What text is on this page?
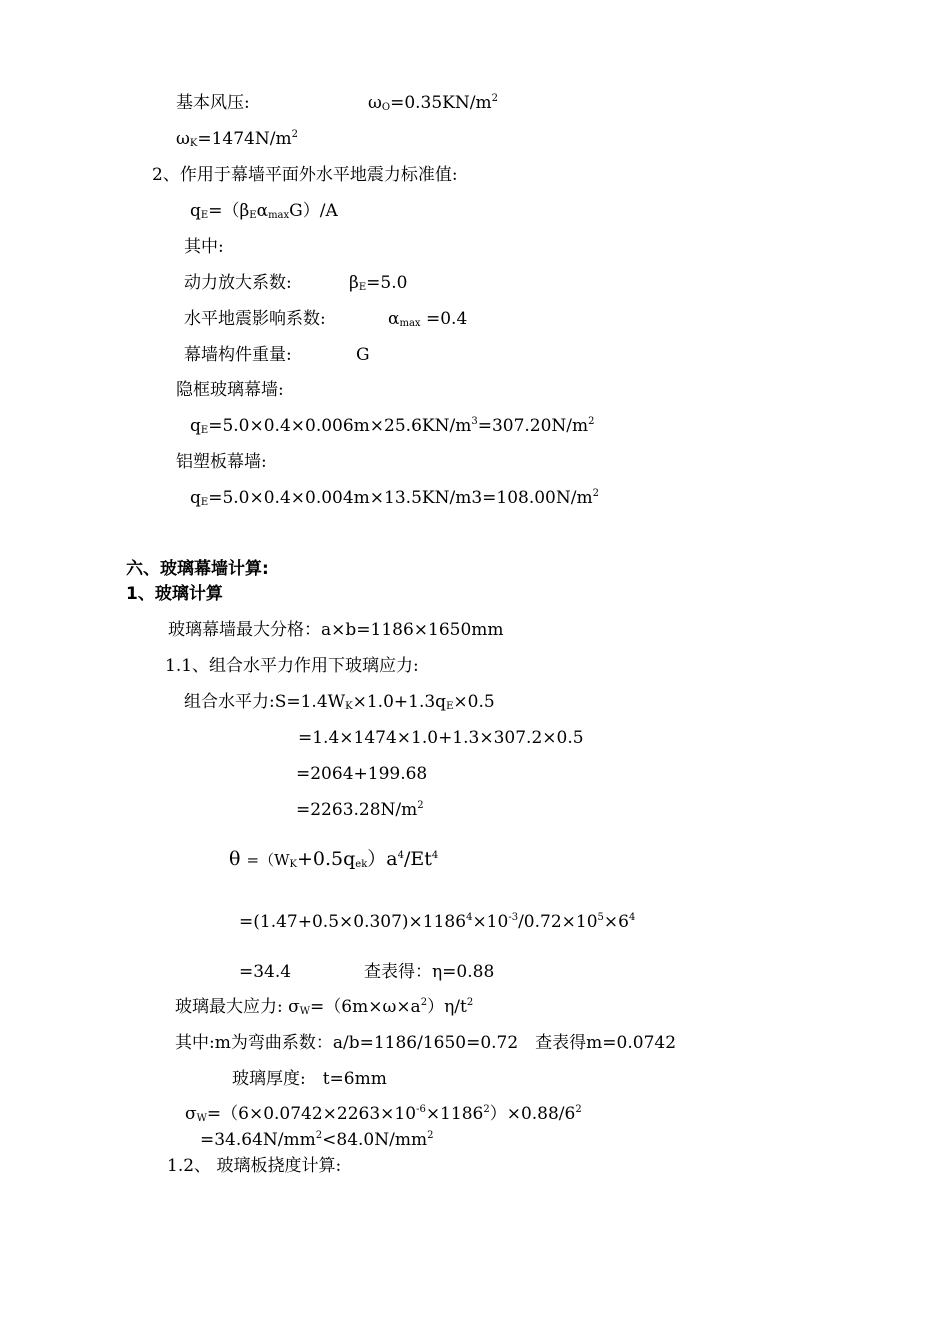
基本风压:	$\omega_O=0.35KN/m^2$
$\omega_K=1474N/m^2$
2、作用于幕墙平面外水平地震力标准值:
$q_E=(\beta_E\alpha_{max}G)/A$
其中:
动力放大系数:	$\beta_E=5.0$
水平地震影响系数:	$\alpha_{max} =0.4$
幕墙构件重量:	G
隐框玻璃幕墙:
$q_E=5.0\times 0.4\times 0.006m\times 25.6KN/m^3=307.20N/m^2$
铝塑板幕墙:
$q_E=5.0\times 0.4\times 0.004m\times 13.5KN/m3=108.00N/m^2$
六、玻璃幕墙计算:
1、玻璃计算
玻璃幕墙最大分格：a×b=1186×1650mm
1.1、组合水平力作用下玻璃应力:
组合水平力$:S=1.4W_K\times 1.0+1.3q_E\times 0.5$
=1.4×1474×1.0+1.3×307.2×0.5
=2064+199.68
$=2263.28N/m^2$
$\theta =(W_K+0.5q_{ek})a^4/Et^4$
$=(1.47+0.5\times 0.307)\times 1186^4\times 10^{-3}/0.72\times 10^5\times 6^4$
=34.4	查表得：η=0.88
玻璃最大应力: $\sigma_W=(6m\times\omega\times a^2)\eta/t^2$
其中:m为弯曲系数：a/b=1186/1650=0.72　查表得m=0.0742
玻璃厚度:　t=6mm
$\sigma_W=(6\times 0.0742\times 2263\times 10^{-6}\times 1186^2)\times 0.88/6^2$
$=34.64N/mm^2<84.0N/mm^2$
1.2、 玻璃板挠度计算:
